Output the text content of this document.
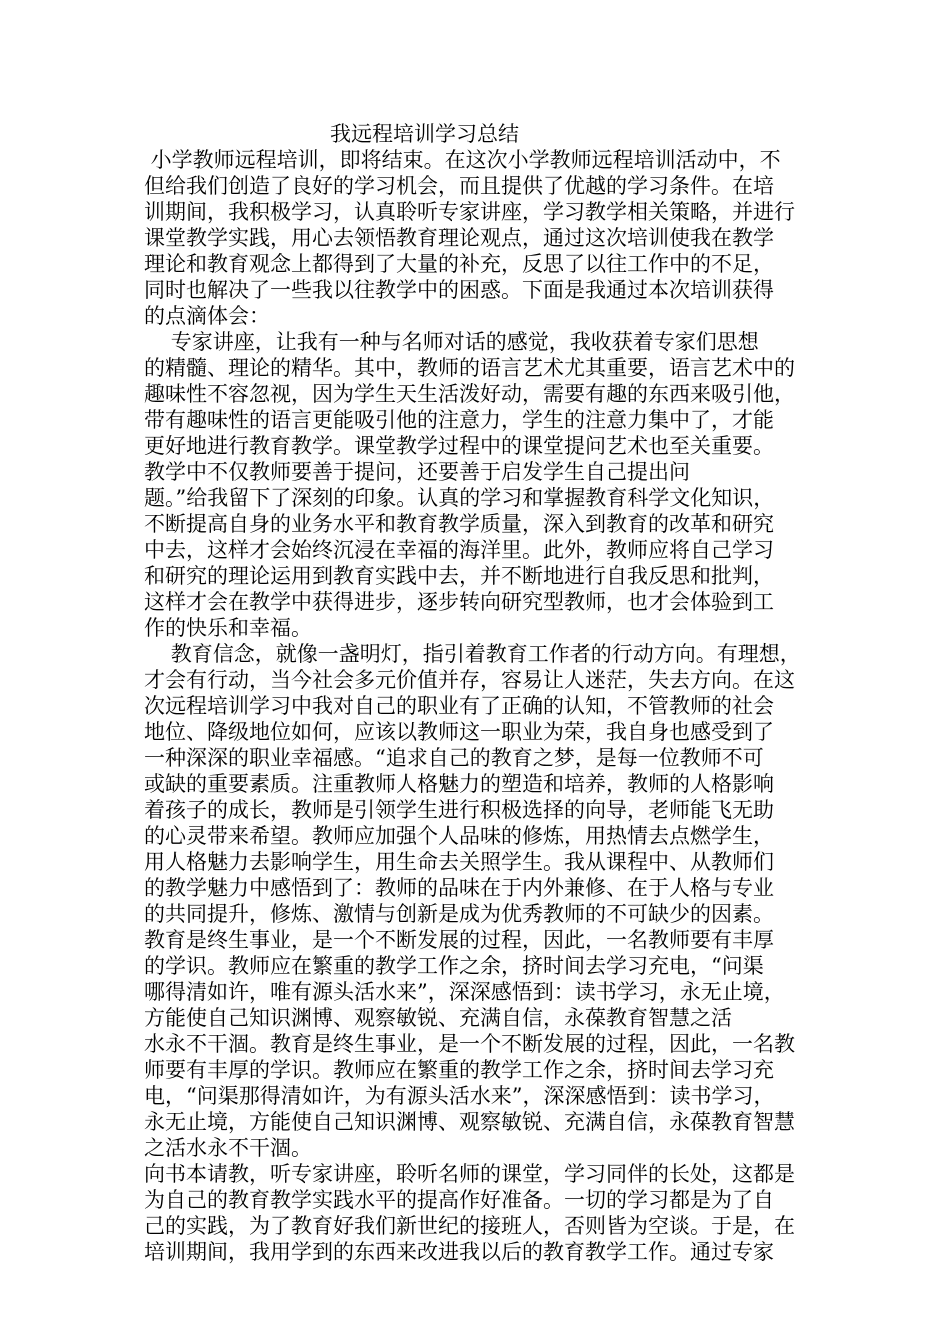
我远程培训学习总结
小学教师远程培训，即将结束。在这次小学教师远程培训活动中，不
但给我们创造了良好的学习机会，而且提供了优越的学习条件。在培
训期间，我积极学习，认真聆听专家讲座，学习教学相关策略，并进行
课堂教学实践，用心去领悟教育理论观点，通过这次培训使我在教学
理论和教育观念上都得到了大量的补充，反思了以往工作中的不足，
同时也解决了一些我以往教学中的困惑。下面是我通过本次培训获得
的点滴体会：
专家讲座，让我有一种与名师对话的感觉，我收获着专家们思想
的精髓、理论的精华。其中，教师的语言艺术尤其重要，语言艺术中的
趣味性不容忽视，因为学生天生活泼好动，需要有趣的东西来吸引他，
带有趣味性的语言更能吸引他的注意力，学生的注意力集中了，才能
更好地进行教育教学。课堂教学过程中的课堂提问艺术也至关重要。
教学中不仅教师要善于提问，还要善于启发学生自己提出问
题。”给我留下了深刻的印象。认真的学习和掌握教育科学文化知识，
不断提高自身的业务水平和教育教学质量，深入到教育的改革和研究
中去，这样才会始终沉浸在幸福的海洋里。此外，教师应将自己学习
和研究的理论运用到教育实践中去，并不断地进行自我反思和批判，
这样才会在教学中获得进步，逐步转向研究型教师，也才会体验到工
作的快乐和幸福。
教育信念，就像一盏明灯，指引着教育工作者的行动方向。有理想，
才会有行动，当今社会多元价值并存，容易让人迷茫，失去方向。在这
次远程培训学习中我对自己的职业有了正确的认知，不管教师的社会
地位、降级地位如何，应该以教师这一职业为荣，我自身也感受到了
一种深深的职业幸福感。“追求自己的教育之梦，是每一位教师不可
或缺的重要素质。注重教师人格魅力的塑造和培养，教师的人格影响
着孩子的成长，教师是引领学生进行积极选择的向导，老师能飞无助
的心灵带来希望。教师应加强个人品味的修炼，用热情去点燃学生，
用人格魅力去影响学生，用生命去关照学生。我从课程中、从教师们
的教学魅力中感悟到了：教师的品味在于内外兼修、在于人格与专业
的共同提升，修炼、激情与创新是成为优秀教师的不可缺少的因素。
教育是终生事业，是一个不断发展的过程，因此，一名教师要有丰厚
的学识。教师应在繁重的教学工作之余，挤时间去学习充电，“问渠
哪得清如许，唯有源头活水来”，深深感悟到：读书学习，永无止境，
方能使自己知识渊博、观察敏锐、充满自信，永葆教育智慧之活
水永不干涸。教育是终生事业，是一个不断发展的过程，因此，一名教
师要有丰厚的学识。教师应在繁重的教学工作之余，挤时间去学习充
电，“问渠那得清如许，为有源头活水来”，深深感悟到：读书学习，
永无止境，方能使自己知识渊博、观察敏锐、充满自信，永葆教育智慧
之活水永不干涸。
向书本请教，听专家讲座，聆听名师的课堂，学习同伴的长处，这都是
为自己的教育教学实践水平的提高作好准备。一切的学习都是为了自
己的实践，为了教育好我们新世纪的接班人，否则皆为空谈。于是，在
培训期间，我用学到的东西来改进我以后的教育教学工作。通过专家
